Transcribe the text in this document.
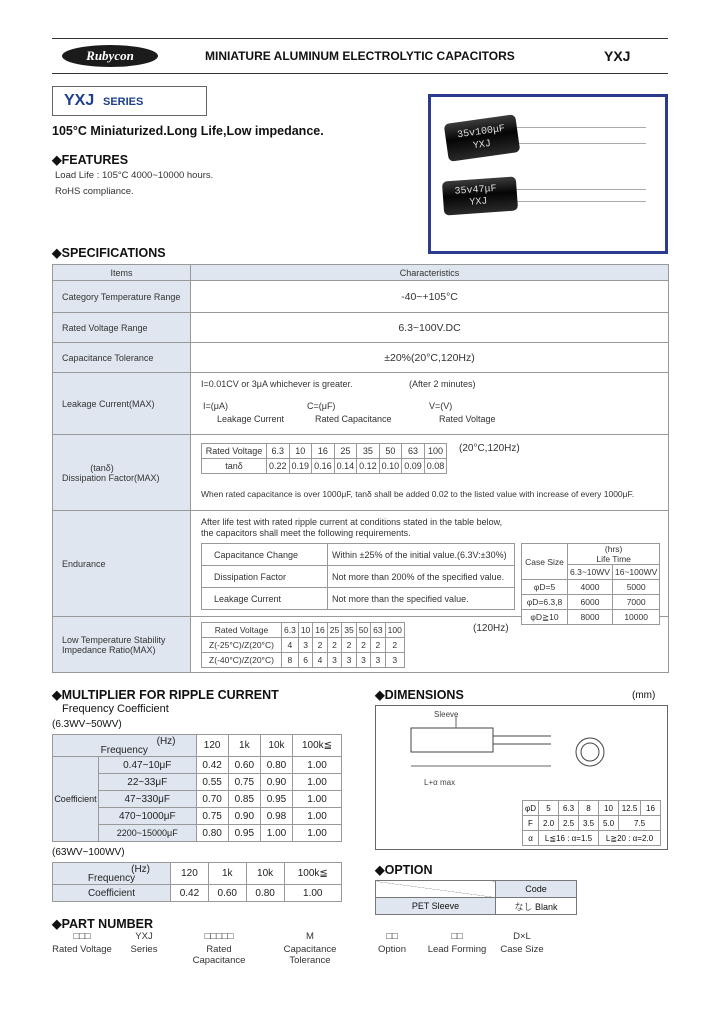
Rubycon	MINIATURE ALUMINUM ELECTROLYTIC CAPACITORS	YXJ
YXJ SERIES
35v100μF
YXJ
35v47μF
YXJ
105°C Miniaturized.Long Life,Low impedance.
◆FEATURES
Load Life : 105°C 4000~10000 hours.
RoHS compliance.
◆SPECIFICATIONS
Items	Characteristics
Category Temperature Range	-40~+105°C
Rated Voltage Range	6.3~100V.DC
Capacitance Tolerance	±20%(20°C,120Hz)
Leakage Current(MAX)	
I=0.01CV or 3μA whichever is greater.	(After 2 minutes)
I=(μA)
Leakage Current
C=(μF)
Rated Capacitance
V=(V)
Rated Voltage

(tanδ)
Dissipation Factor(MAX)

Rated Voltage	6.3	10	16	25	35	50	63	100
tanδ	0.22	0.19	0.16	0.14	0.12	0.10	0.09	0.08
(20°C,120Hz)
When rated capacitance is over 1000μF, tanδ shall be added 0.02 to the listed value with increase of every 1000μF.

Endurance	
After life test with rated ripple current at conditions stated in the table below,
the capacitors shall meet the following requirements.
Capacitance Change	Within ±25% of the initial value.(6.3V:±30%)
Dissipation Factor	Not more than 200% of the specified value.
Leakage Current	Not more than the specified value.
Case Size	
(hrs)
Life Time

6.3~10WV	16~100WV
φD=5	4000	5000
φD=6.3,8	6000	7000
φD≧10	8000	10000

Low Temperature Stability
Impedance Ratio(MAX)

Rated Voltage	6.3	10	16	25	35	50	63	100
Z(-25°C)/Z(20°C)	4	3	2	2	2	2	2	2
Z(-40°C)/Z(20°C)	8	6	4	3	3	3	3	3
(120Hz)
◆MULTIPLIER FOR RIPPLE CURRENT
Frequency Coefficient
(6.3WV~50WV)
(Hz)
Frequency		120	1k	10k	100k≦
Coefficient	0.47~10μF	0.42	0.60	0.80	1.00
	22~33μF	0.55	0.75	0.90	1.00
	47~330μF	0.70	0.85	0.95	1.00
	470~1000μF	0.75	0.90	0.98	1.00
	2200~15000μF	0.80	0.95	1.00	1.00
(63WV~100WV)
(Hz)
Frequency	120	1k	10k	100k≦
Coefficient	0.42	0.60	0.80	1.00
◆DIMENSIONS	(mm)
Sleeve
L+α max
φD	5	6.3	8	10	12.5	16
F	2.0	2.5	3.5	5.0	7.5	
α	L≦16 : α=1.5			L≧20 : α=2.0		
◆OPTION
	Code
PET Sleeve	なし Blank
◆PART NUMBER
□□□
Rated Voltage
YXJ
Series
□□□□□
Rated Capacitance
M
Capacitance Tolerance
□□
Option
□□
Lead Forming
D×L
Case Size
